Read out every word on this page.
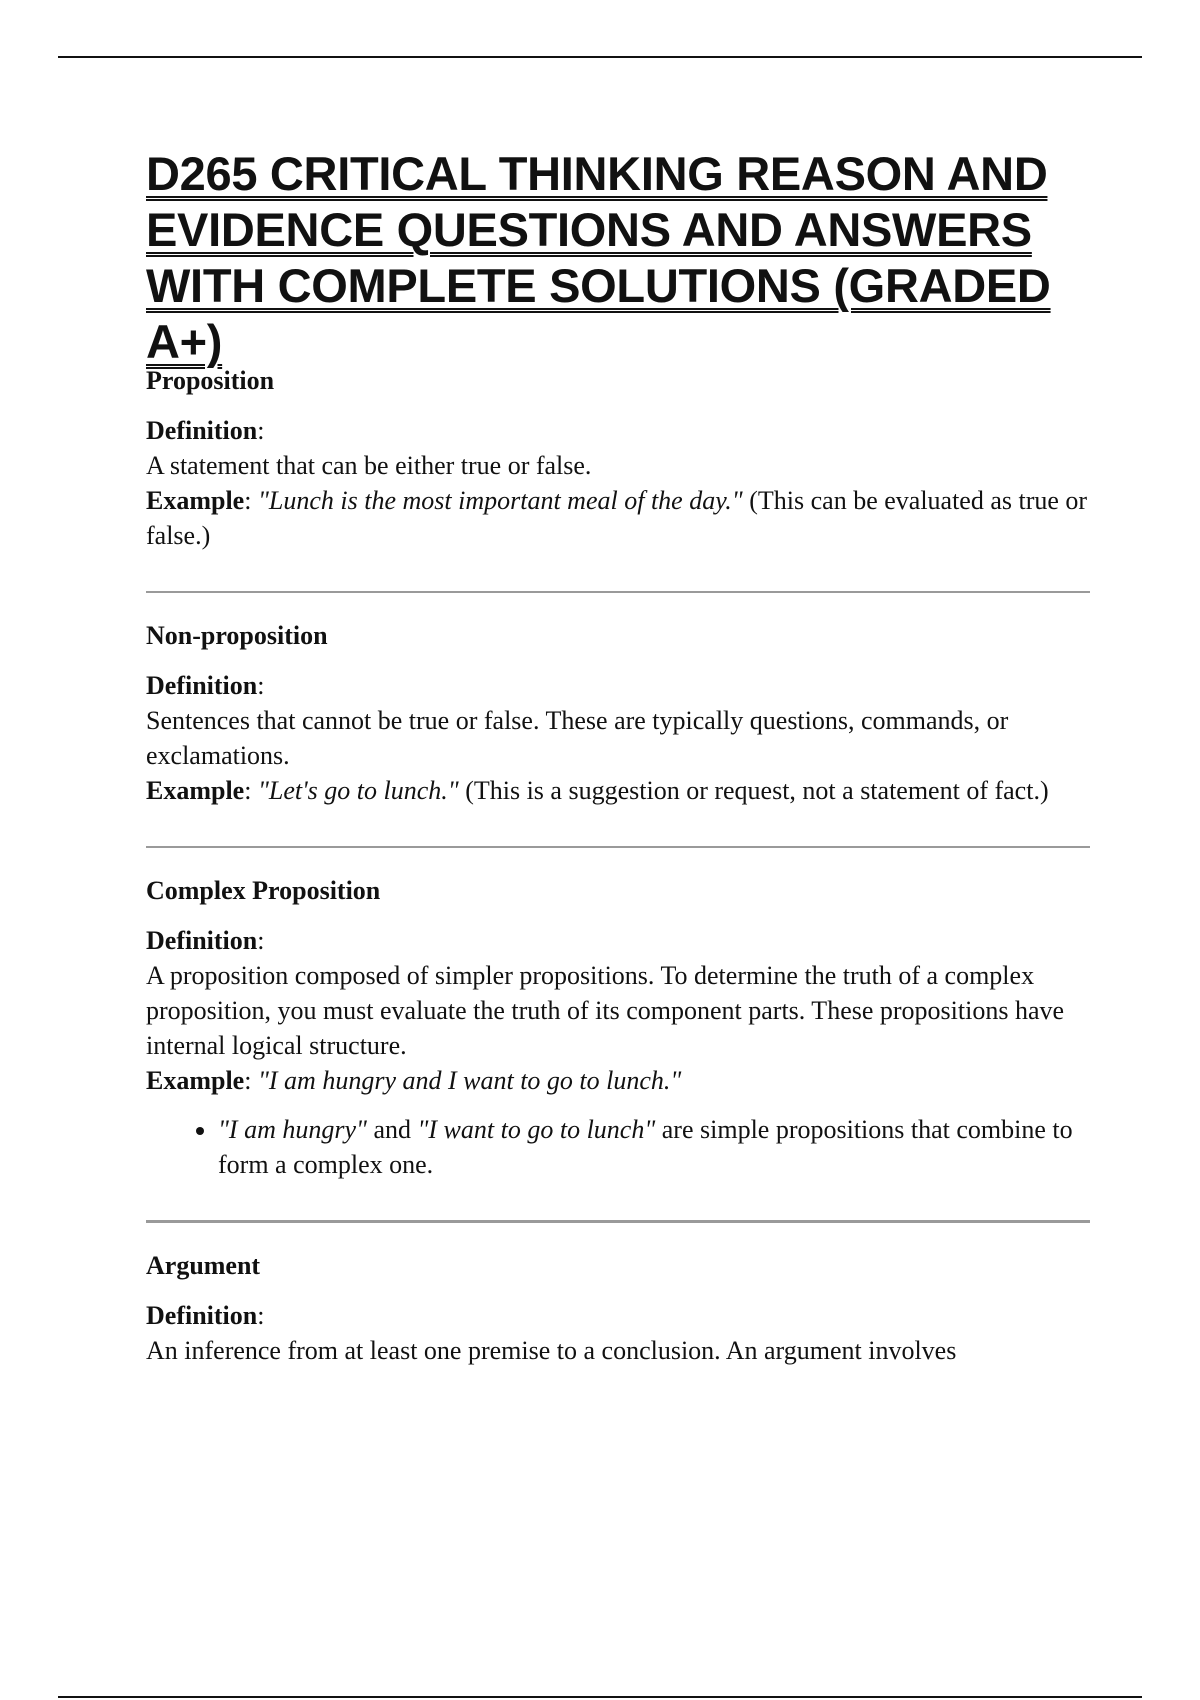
D265 CRITICAL THINKING REASON AND EVIDENCE QUESTIONS AND ANSWERS WITH COMPLETE SOLUTIONS (GRADED A+)

Proposition

Definition:

A statement that can be either true or false.

Example: "Lunch is the most important meal of the day." (This can be evaluated as true or false.)

Non-proposition

Definition:

Sentences that cannot be true or false. These are typically questions, commands, or exclamations.

Example: "Let's go to lunch." (This is a suggestion or request, not a statement of fact.)

Complex Proposition

Definition:

A proposition composed of simpler propositions. To determine the truth of a complex proposition, you must evaluate the truth of its component parts. These propositions have internal logical structure.

Example: "I am hungry and I want to go to lunch."

• "I am hungry" and "I want to go to lunch" are simple propositions that combine to form a complex one.

Argument

Definition:

An inference from at least one premise to a conclusion. An argument involves
